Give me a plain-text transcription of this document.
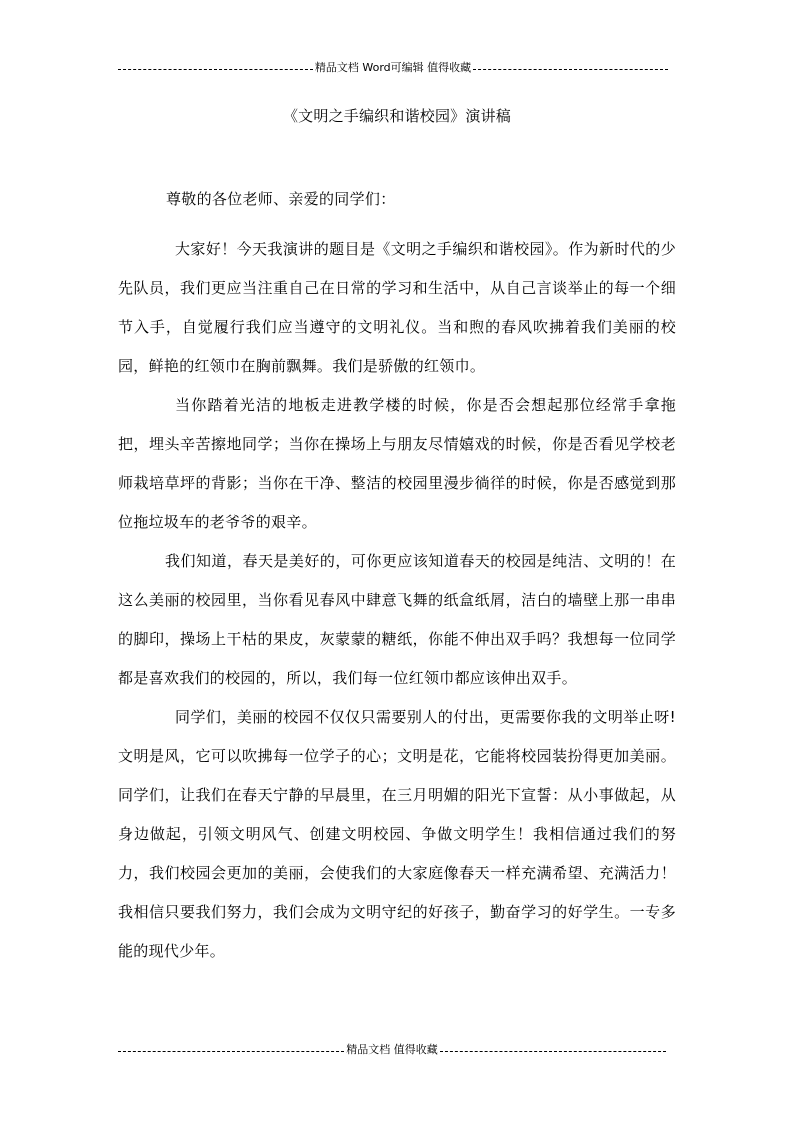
精品文档 Word可编辑 值得收藏
《文明之手编织和谐校园》演讲稿

尊敬的各位老师、亲爱的同学们：

大家好！今天我演讲的题目是《文明之手编织和谐校园》。作为新时代的少先队员，我们更应当注重自己在日常的学习和生活中，从自己言谈举止的每一个细节入手，自觉履行我们应当遵守的文明礼仪。当和煦的春风吹拂着我们美丽的校园，鲜艳的红领巾在胸前飘舞。我们是骄傲的红领巾。

当你踏着光洁的地板走进教学楼的时候，你是否会想起那位经常手拿拖把，埋头辛苦擦地同学；当你在操场上与朋友尽情嬉戏的时候，你是否看见学校老师栽培草坪的背影；当你在干净、整洁的校园里漫步徜徉的时候，你是否感觉到那位拖垃圾车的老爷爷的艰辛。

我们知道，春天是美好的，可你更应该知道春天的校园是纯洁、文明的！在这么美丽的校园里，当你看见春风中肆意飞舞的纸盒纸屑，洁白的墙壁上那一串串的脚印，操场上干枯的果皮，灰蒙蒙的糖纸，你能不伸出双手吗？我想每一位同学都是喜欢我们的校园的，所以，我们每一位红领巾都应该伸出双手。

同学们，美丽的校园不仅仅只需要别人的付出，更需要你我的文明举止呀!文明是风，它可以吹拂每一位学子的心；文明是花，它能将校园装扮得更加美丽。同学们，让我们在春天宁静的早晨里，在三月明媚的阳光下宣誓：从小事做起，从身边做起，引领文明风气、创建文明校园、争做文明学生！我相信通过我们的努力，我们校园会更加的美丽，会使我们的大家庭像春天一样充满希望、充满活力！我相信只要我们努力，我们会成为文明守纪的好孩子，勤奋学习的好学生。一专多能的现代少年。

精品文档 值得收藏
